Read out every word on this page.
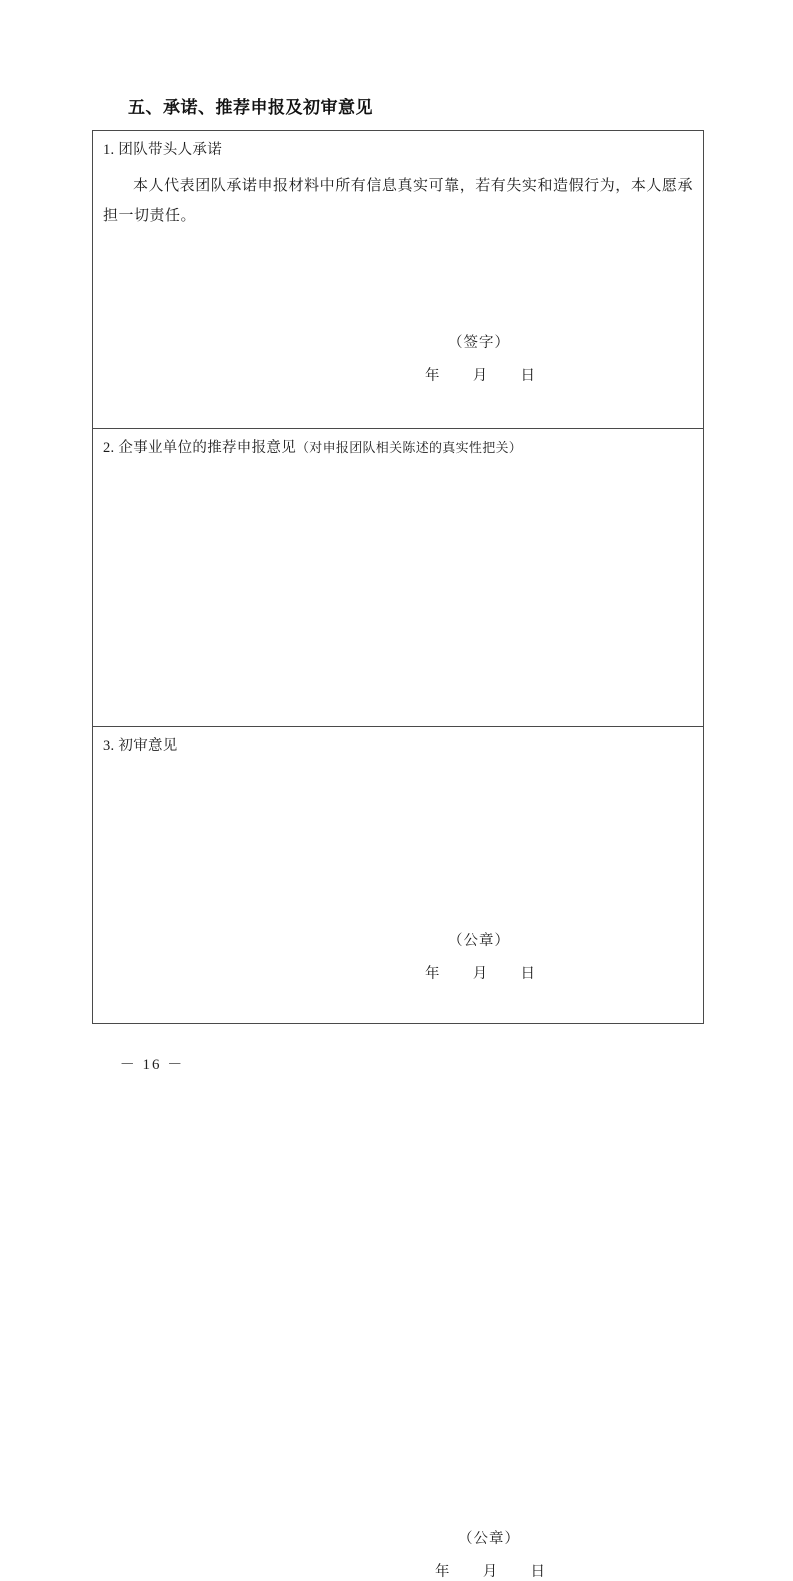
五、承诺、推荐申报及初审意见
1. 团队带头人承诺
本人代表团队承诺申报材料中所有信息真实可靠，若有失实和造假行为，本人愿承担一切责任。
（签字）
年 月 日
2. 企事业单位的推荐申报意见（对申报团队相关陈述的真实性把关）
（公章）
年 月 日
3. 初审意见
（公章）
年 月 日
－ 16 －
